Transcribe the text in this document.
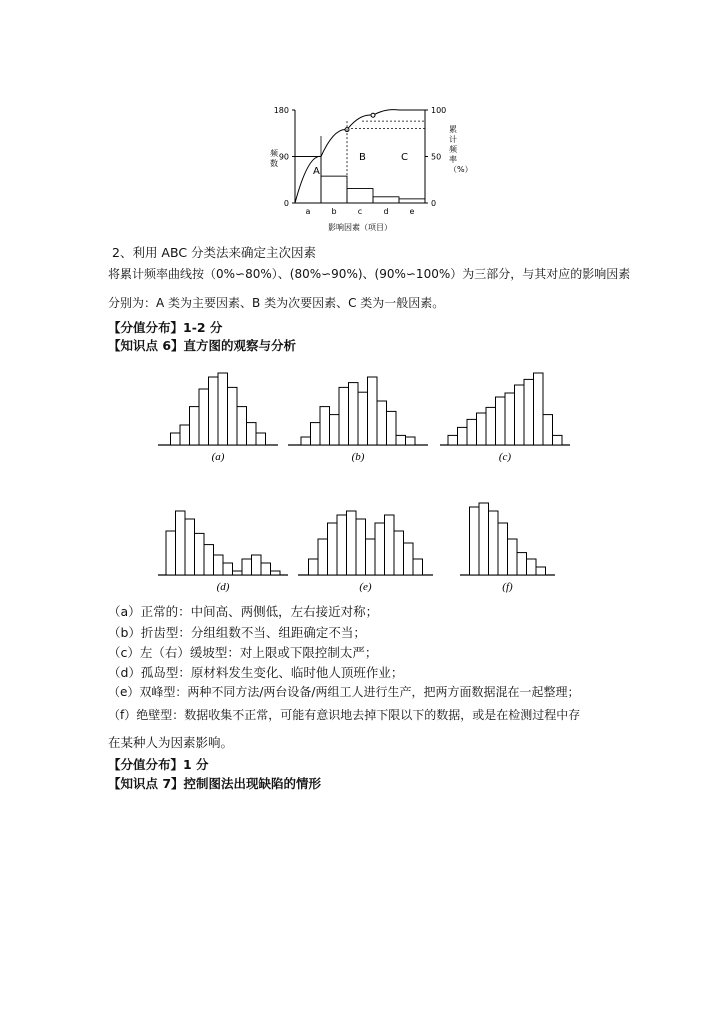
180
90
0
100
50
0
频
数
累
计
频
率
（%）
a	b	c	d	e
A
B	C
影响因素（项目）
2、利用 ABC 分类法来确定主次因素
将累计频率曲线按（0%∽80%）、(80%∽90%)、(90%∽100%）为三部分，与其对应的影响因素
分别为：A 类为主要因素、B 类为次要因素、C 类为一般因素。
【分值分布】1-2 分
【知识点 6】直方图的观察与分析
(a)	(b)	(c)
(d)	(e)	(f)
（a）正常的：中间高、两侧低，左右接近对称；
（b）折齿型：分组组数不当、组距确定不当；
（c）左（右）缓坡型：对上限或下限控制太严；
（d）孤岛型：原材料发生变化、临时他人顶班作业；
（e）双峰型：两种不同方法/两台设备/两组工人进行生产，把两方面数据混在一起整理；
（f）绝壁型：数据收集不正常，可能有意识地去掉下限以下的数据，或是在检测过程中存
在某种人为因素影响。
【分值分布】1 分
【知识点 7】控制图法出现缺陷的情形
